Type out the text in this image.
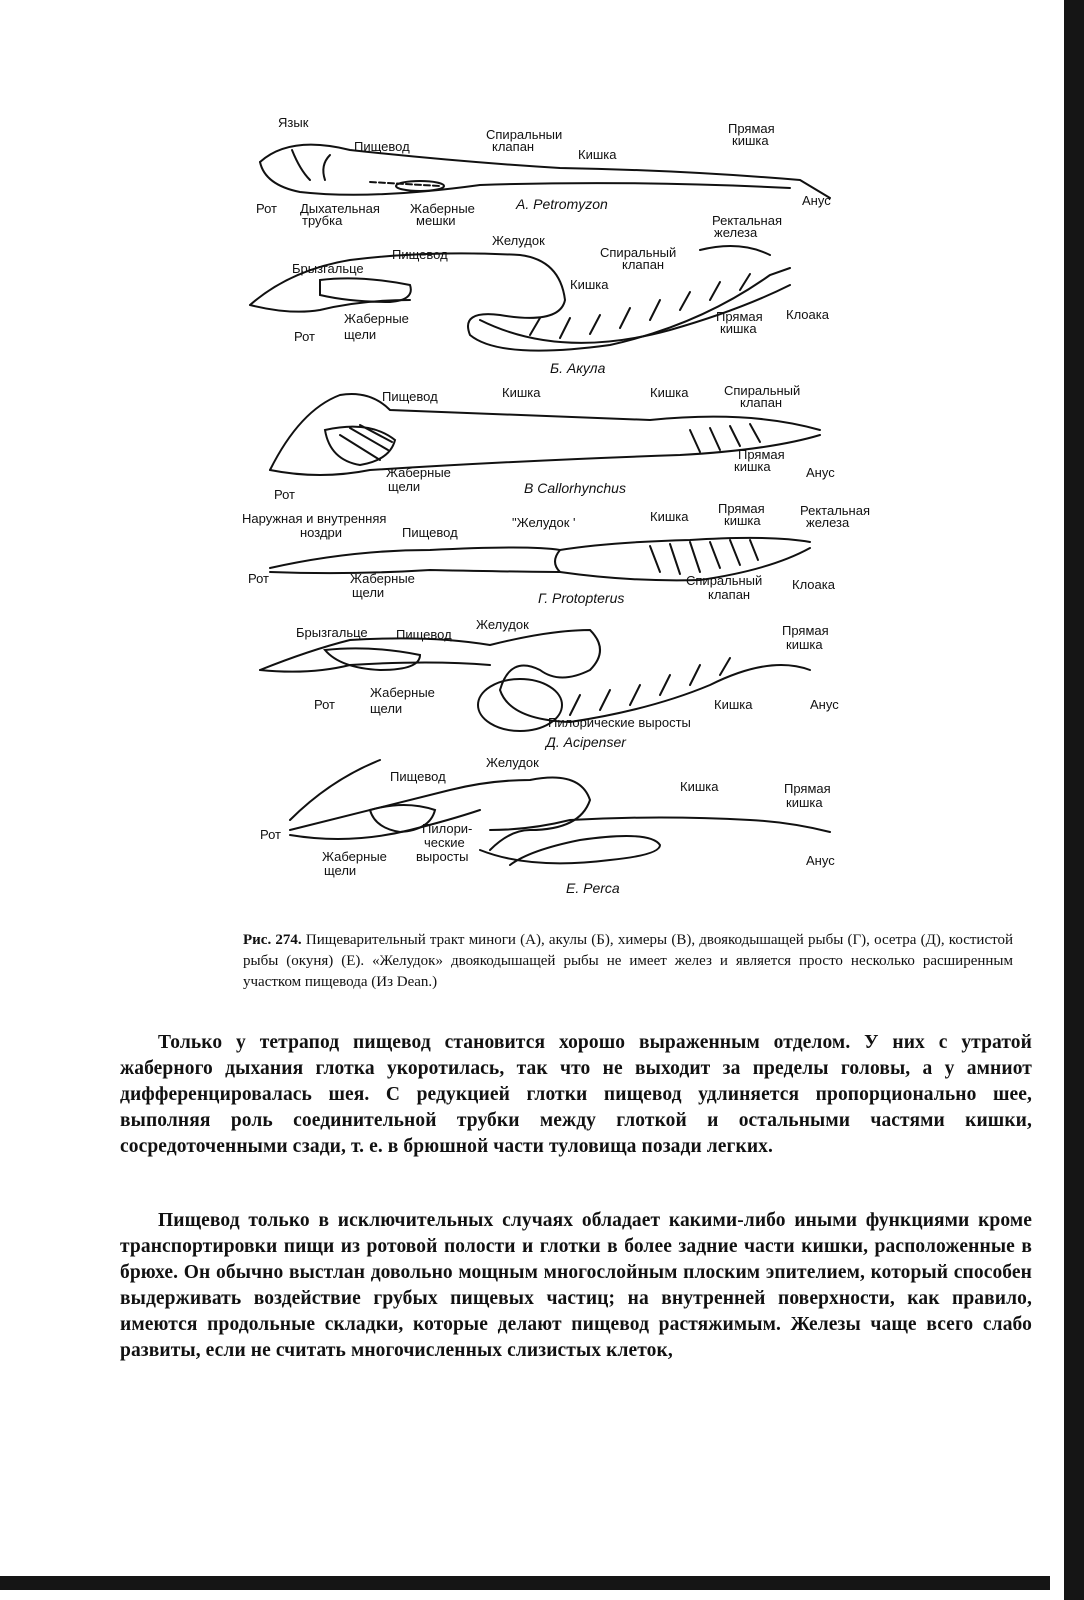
Язык
Пищевод
Спиральныи
клапан
Кишка
Прямая
кишка
Рот Дыхательная
трубка
Жаберные
мешки
Анус
А. Petromyzon
Желудок
Ректальная
железа
Брызгальце
Пищевод	Спиральный
клапан
Кишка
Жаберные
щели
Рот
Прямая
кишка
Клоака
Б. Акула
Пищевод	Кишка	Кишка	Спиральный
клапан
Прямая
кишка	Анус
Жаберные
щели
Рот	В Callorhynchus
Наружная и внутренняя
ноздри	Пищевод
"Желудок '	Кишка
Прямая
кишка
Ректальная
железа
Рот	Жаберные
щели
Спиральный
клапан
Клоака
Г. Protopterus
Брызгальце Пищевод
Желудок	Прямая
кишка
Рот
Жаберные
щели	Кишка	Анус
Пилорические выросты
Д. Acipenser
Желудок
Пищевод
Кишка	Прямая
кишка
Рот	Пилори-
ческие
выросты
Жаберные
щели
Анус
Е. Perca
Рис. 274. Пищеварительный тракт миноги (А), акулы (Б), химеры (В), двоякодышащей рыбы (Г), осетра (Д), костистой рыбы (окуня) (Е). «Желудок» двоякодышащей рыбы не имеет желез и является просто несколько расширенным участком пищевода (Из Dean.)

Только у тетрапод пищевод становится хорошо выраженным отделом. У них с утратой жаберного дыхания глотка укоротилась, так что не выходит за пределы головы, а у амниот дифференцировалась шея. С редукцией глотки пищевод удлиняется пропорционально шее, выполняя роль соединительной трубки между глоткой и остальными частями кишки, сосредоточенными сзади, т. е. в брюшной части туловища позади легких.

Пищевод только в исключительных случаях обладает какими-либо иными функциями кроме транспортировки пищи из ротовой полости и глотки в более задние части кишки, расположенные в брюхе. Он обычно выстлан довольно мощным многослойным плоским эпителием, который способен выдерживать воздействие грубых пищевых частиц; на внутренней поверхности, как правило, имеются продольные складки, которые делают пищевод растяжимым. Железы чаще всего слабо развиты, если не считать многочисленных слизистых клеток,
